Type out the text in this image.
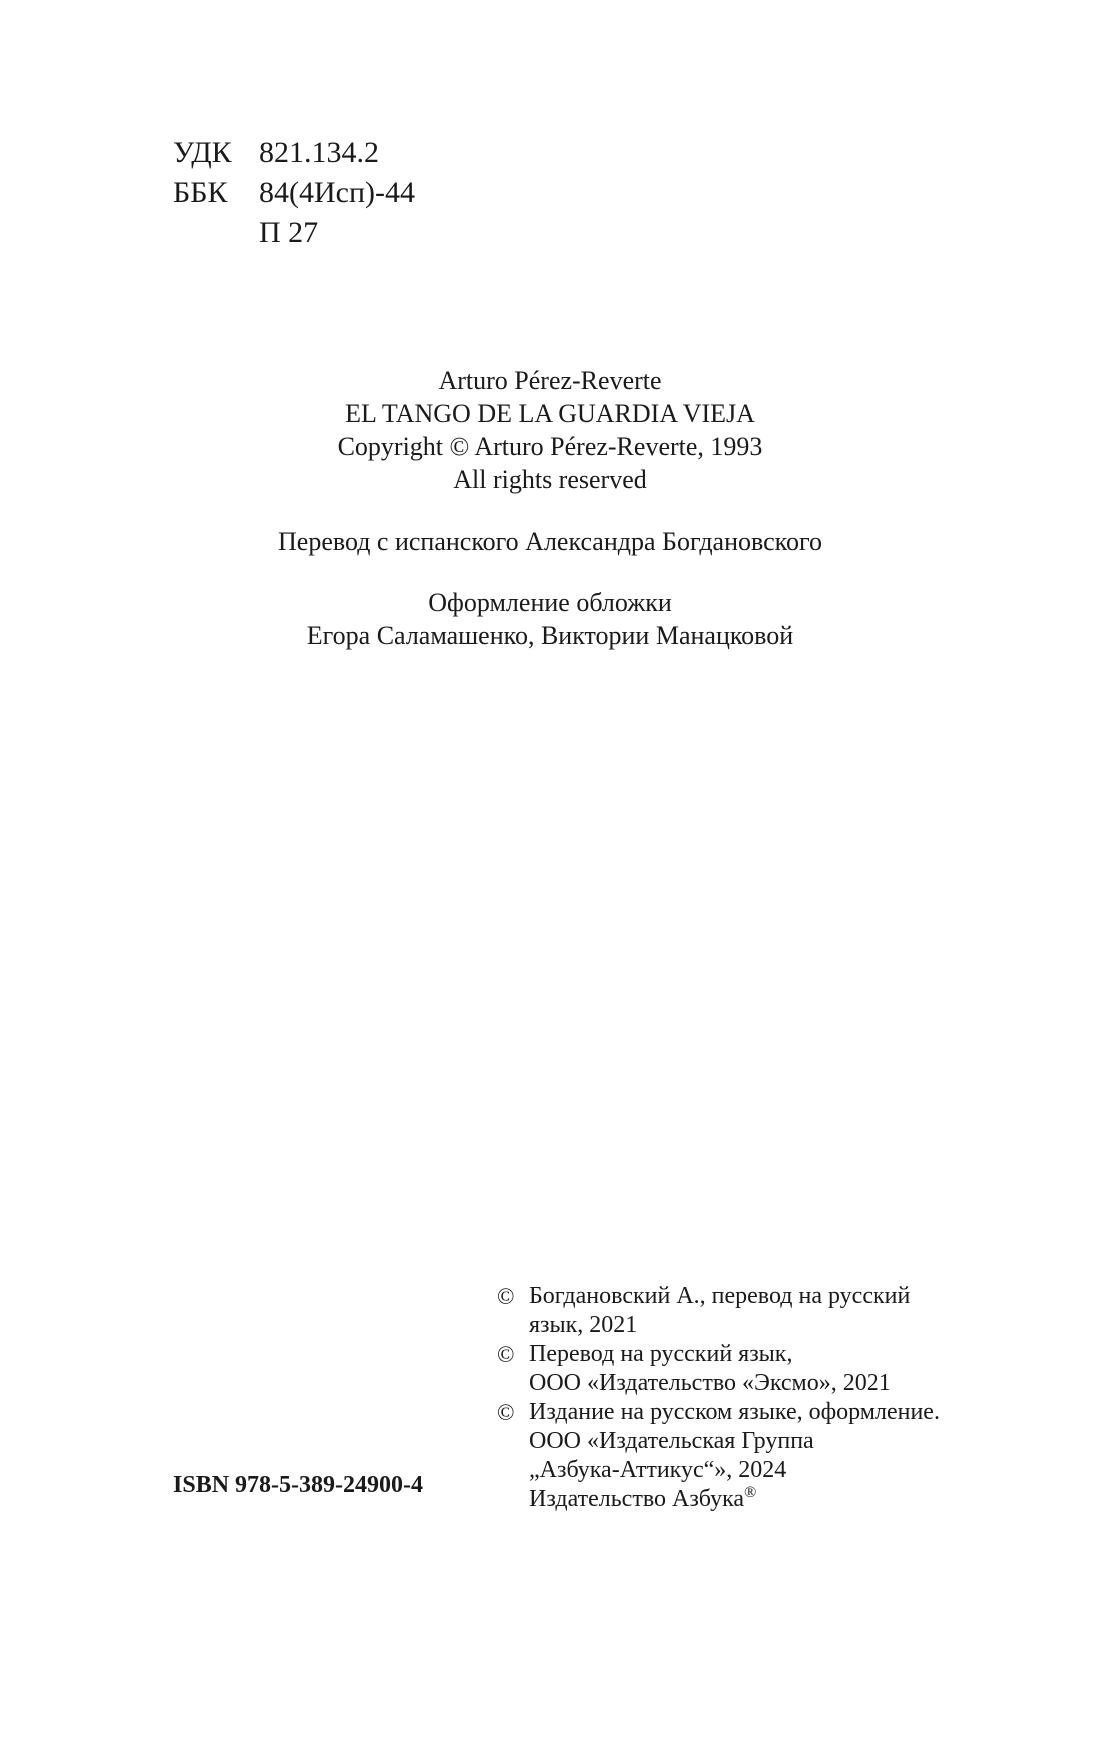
УДК 821.134.2
ББК	84(4Исп)-44
П 27
Arturo Pérez-Reverte
EL TANGO DE LA GUARDIA VIEJA
Copyright © Arturo Pérez-Reverte, 1993
All rights reserved
Перевод с испанского Александра Богдановского
Оформление обложки
Егора Саламашенко, Виктории Манацковой
© Богдановский А., перевод на русский
язык, 2021
© Перевод на русский язык,
ООО «Издательство «Эксмо», 2021
© Издание на русском языке, оформление.
ООО «Издательская Группа
„Азбука-Аттикус“», 2024
Издательство Азбука®
ISBN 978-5-389-24900-4
